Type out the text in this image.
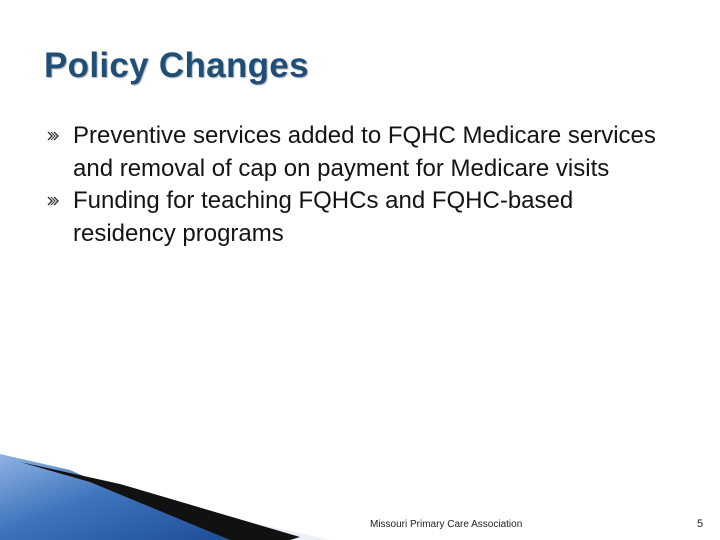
Policy Changes
Preventive services added to FQHC Medicare services and removal of cap on payment for Medicare visits
Funding for teaching FQHCs and FQHC-based residency programs
Missouri Primary Care Association	5
